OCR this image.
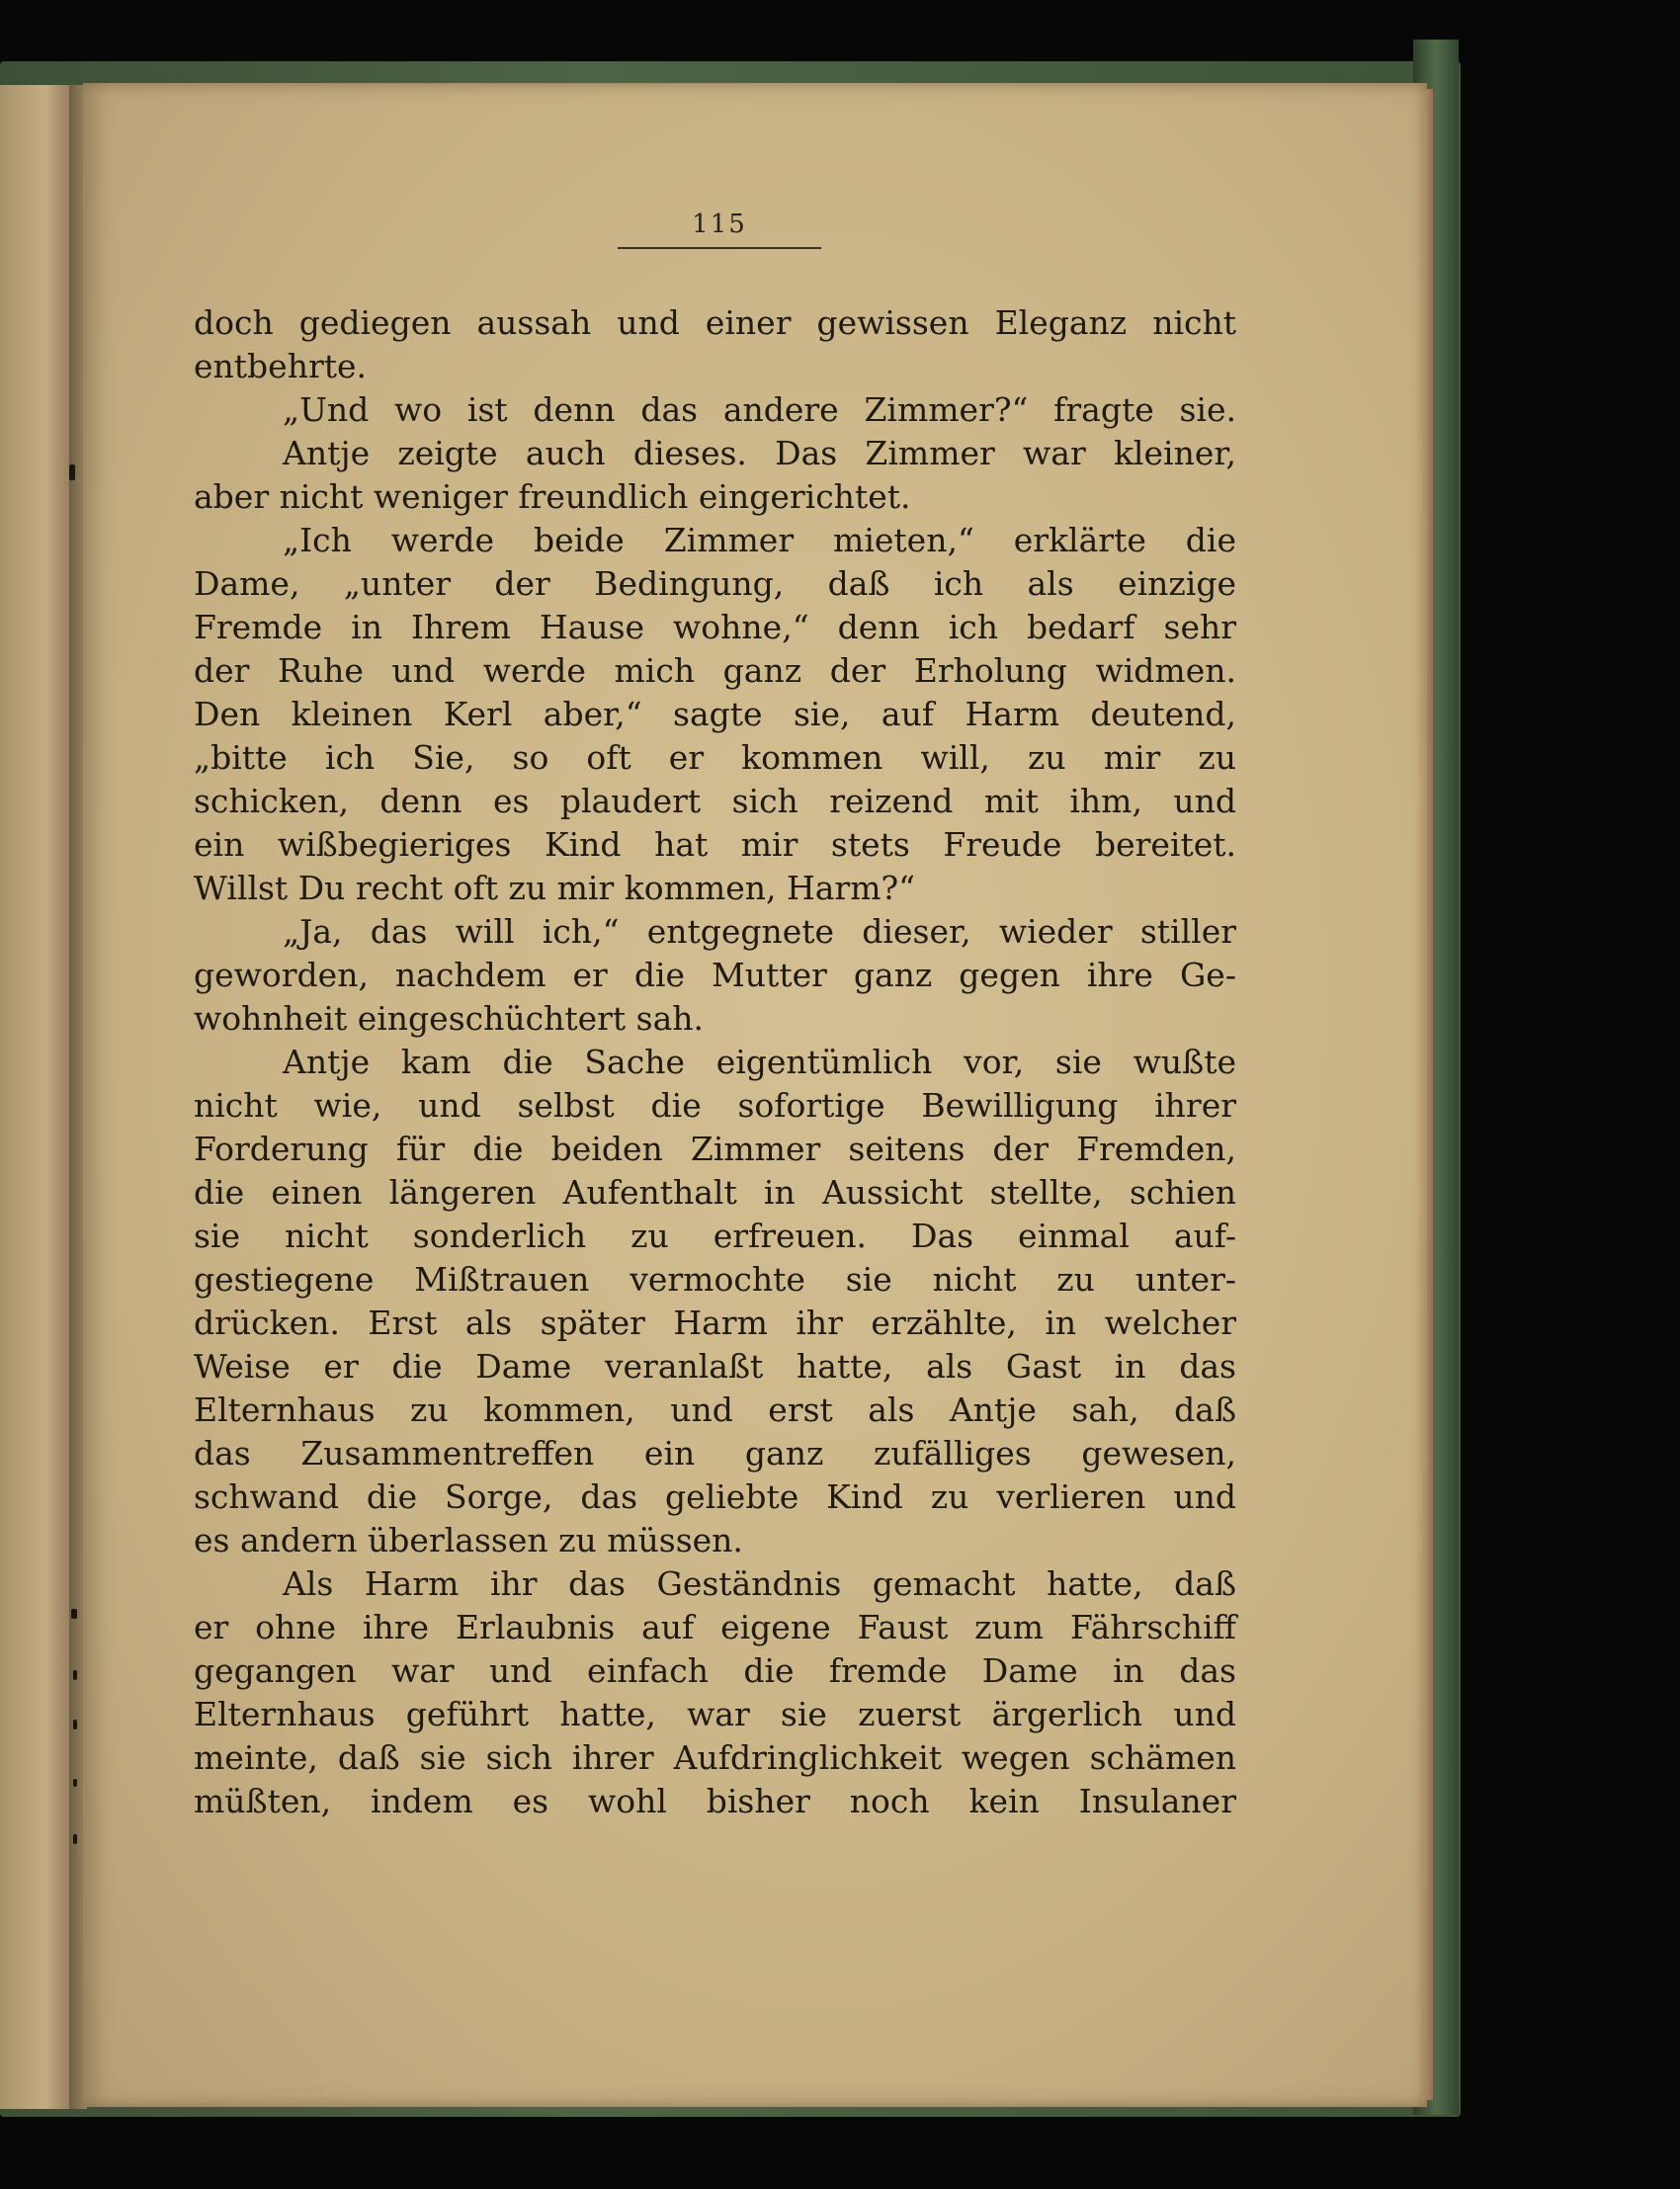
115
doch gediegen aussah und einer gewissen Eleganz nicht
entbehrte.
„Und wo ist denn das andere Zimmer?“ fragte sie.
Antje zeigte auch dieses. Das Zimmer war kleiner,
aber nicht weniger freundlich eingerichtet.
„Ich werde beide Zimmer mieten,“ erklärte die
Dame, „unter der Bedingung, daß ich als einzige
Fremde in Ihrem Hause wohne,“ denn ich bedarf sehr
der Ruhe und werde mich ganz der Erholung widmen.
Den kleinen Kerl aber,“ sagte sie, auf Harm deutend,
„bitte ich Sie, so oft er kommen will, zu mir zu
schicken, denn es plaudert sich reizend mit ihm, und
ein wißbegieriges Kind hat mir stets Freude bereitet.
Willst Du recht oft zu mir kommen, Harm?“
„Ja, das will ich,“ entgegnete dieser, wieder stiller
geworden, nachdem er die Mutter ganz gegen ihre Ge-
wohnheit eingeschüchtert sah.
Antje kam die Sache eigentümlich vor, sie wußte
nicht wie, und selbst die sofortige Bewilligung ihrer
Forderung für die beiden Zimmer seitens der Fremden,
die einen längeren Aufenthalt in Aussicht stellte, schien
sie nicht sonderlich zu erfreuen. Das einmal auf-
gestiegene Mißtrauen vermochte sie nicht zu unter-
drücken. Erst als später Harm ihr erzählte, in welcher
Weise er die Dame veranlaßt hatte, als Gast in das
Elternhaus zu kommen, und erst als Antje sah, daß
das Zusammentreffen ein ganz zufälliges gewesen,
schwand die Sorge, das geliebte Kind zu verlieren und
es andern überlassen zu müssen.
Als Harm ihr das Geständnis gemacht hatte, daß
er ohne ihre Erlaubnis auf eigene Faust zum Fährschiff
gegangen war und einfach die fremde Dame in das
Elternhaus geführt hatte, war sie zuerst ärgerlich und
meinte, daß sie sich ihrer Aufdringlichkeit wegen schämen
müßten, indem es wohl bisher noch kein Insulaner
